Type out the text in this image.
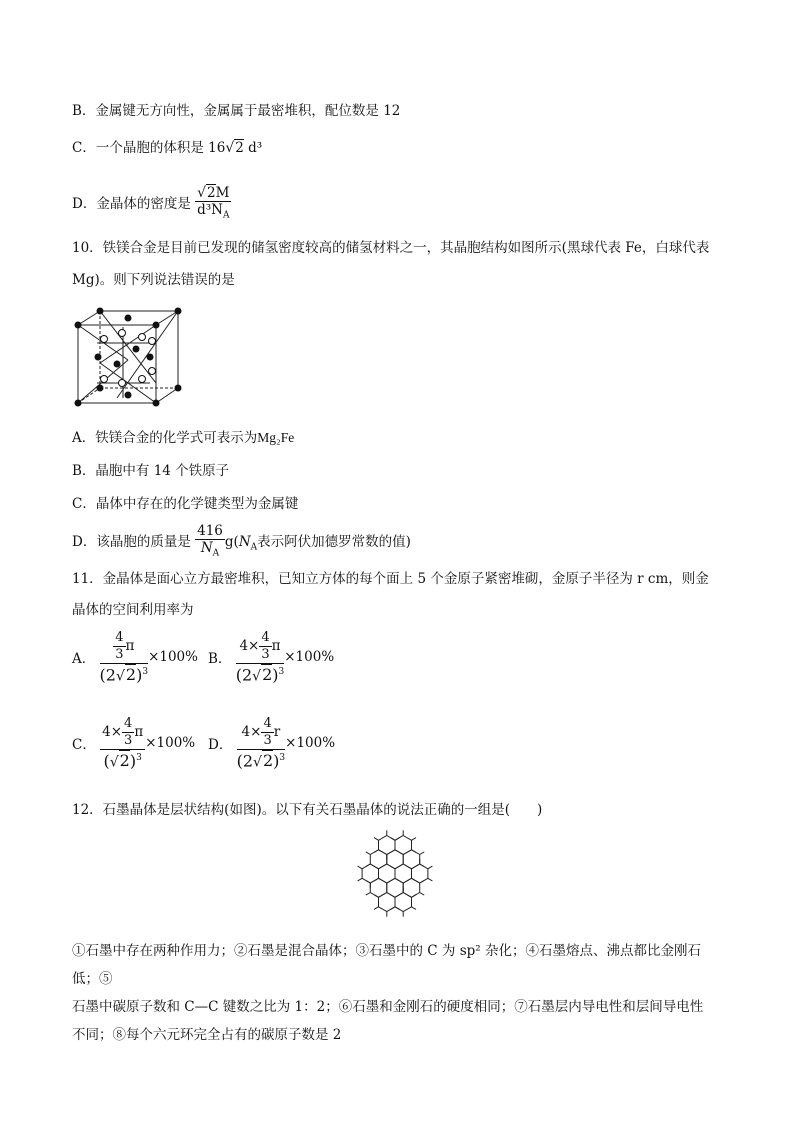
B．金属键无方向性，金属属于最密堆积，配位数是 12
C．一个晶胞的体积是 16√2 d³
D．金晶体的密度是 $\frac{√2M}{d^3N_A}$
10．铁镁合金是目前已发现的储氢密度较高的储氢材料之一，其晶胞结构如图所示(黑球代表 Fe，白球代表
Mg)。则下列说法错误的是
A．铁镁合金的化学式可表示为Mg₂Fe
B．晶胞中有 14 个铁原子
C．晶体中存在的化学键类型为金属键
D．该晶胞的质量是 $\frac{416}{N_A} g(N_A$表示阿伏加德罗常数的值)
11．金晶体是面心立方最密堆积，已知立方体的每个面上 5 个金原子紧密堆砌，金原子半径为 r cm，则金
晶体的空间利用率为
A． $\frac{\frac{4}{3} \pi}{(2√2)^3} \times 100\%$ B． $\frac{4\times \frac{4}{3} \pi}{(2√2)^3} \times 100\%$
C． $\frac{4\times \frac{4}{3} \pi}{(√2)^3} \times 100\%$ D． $\frac{4\times \frac{4}{3} r}{(2√2)^3} \times 100\%$
12．石墨晶体是层状结构(如图)。以下有关石墨晶体的说法正确的一组是(　　)
①石墨中存在两种作用力；②石墨是混合晶体；③石墨中的 C 为 sp² 杂化；④石墨熔点、沸点都比金刚石低；⑤
石墨中碳原子数和 C—C 键数之比为 1：2；⑥石墨和金刚石的硬度相同；⑦石墨层内导电性和层间导电性
不同；⑧每个六元环完全占有的碳原子数是 2
